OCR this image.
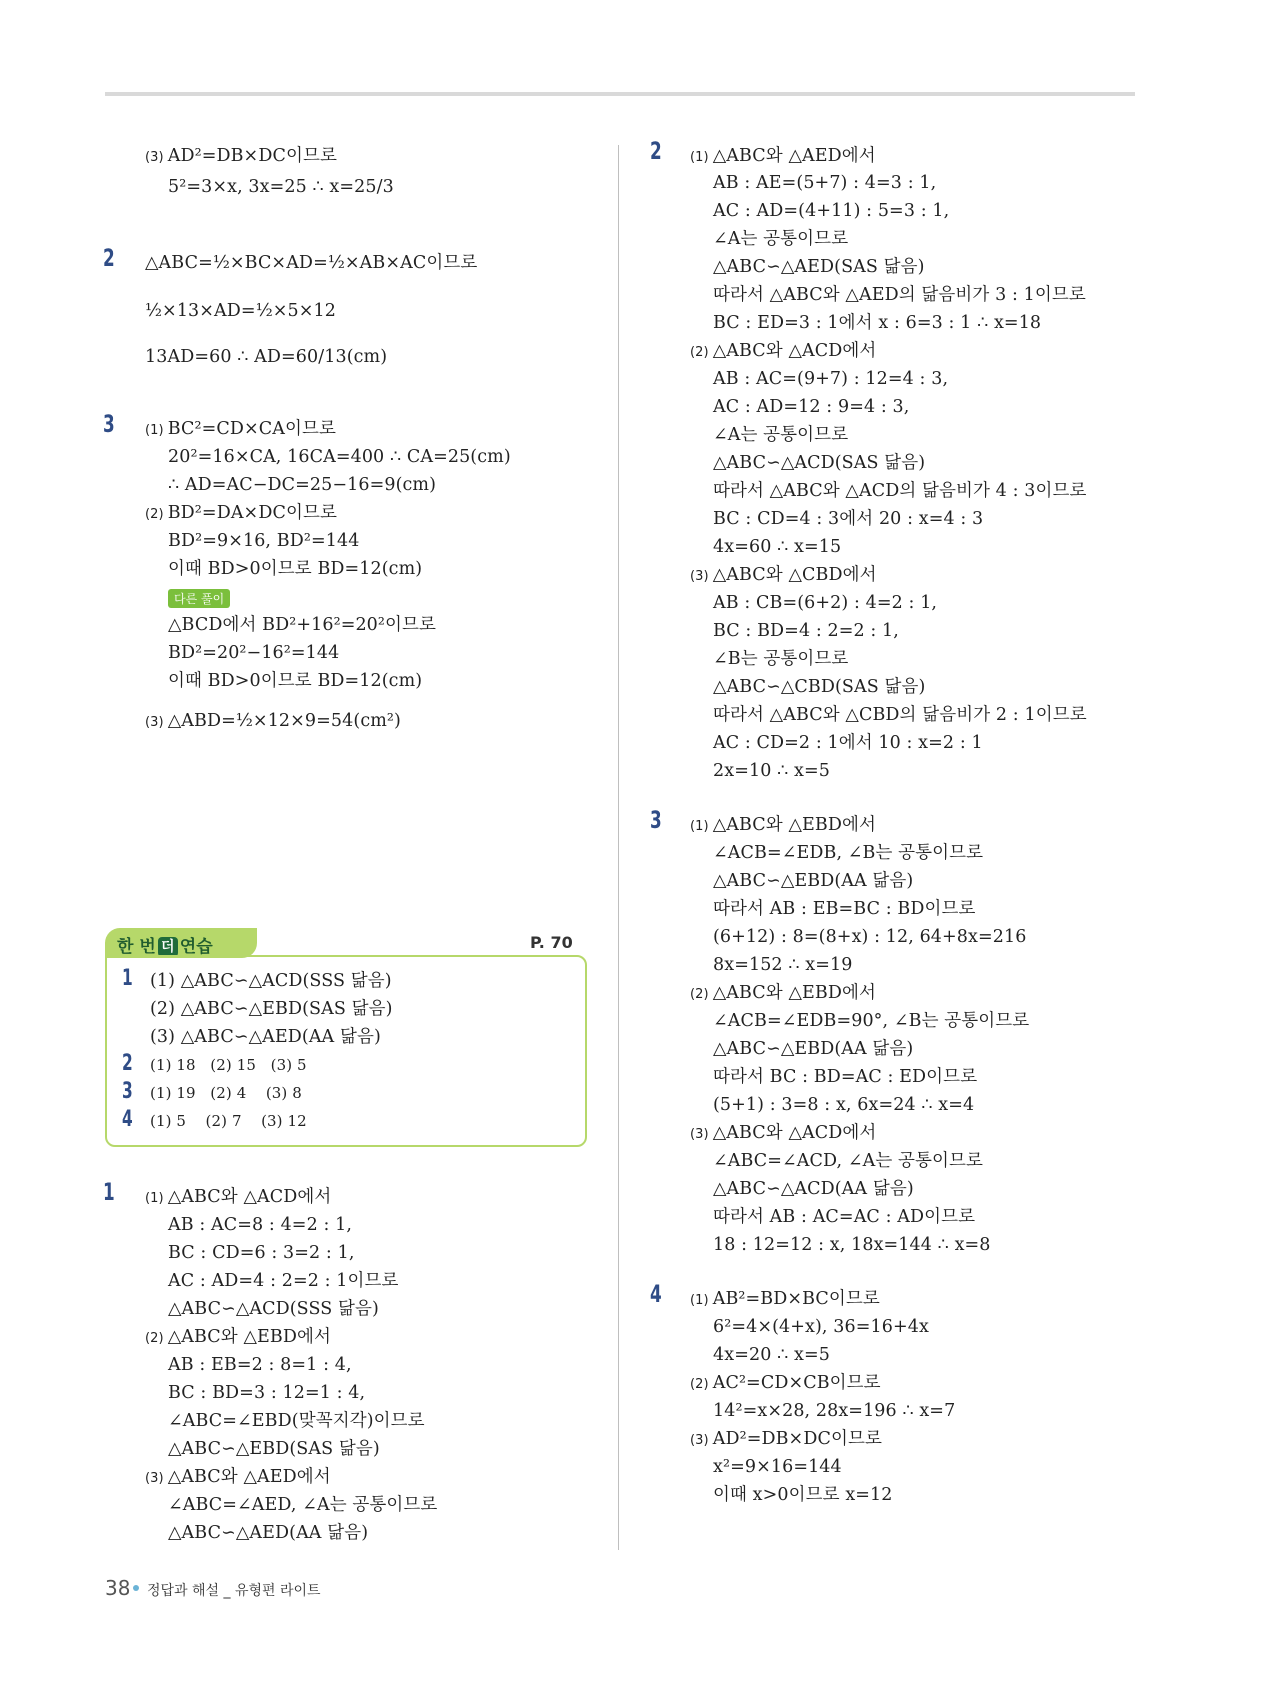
(3) AD²=DB×DC이므로
5²=3×x, 3x=25 ∴ x=25/3
2 △ABC=½×BC×AD=½×AB×AC이므로
½×13×AD=½×5×12
13AD=60 ∴ AD=60/13(cm)
3 (1) BC²=CD×CA이므로
20²=16×CA, 16CA=400 ∴ CA=25(cm)
∴ AD=AC−DC=25−16=9(cm)
(2) BD²=DA×DC이므로
BD²=9×16, BD²=144
이때 BD>0이므로 BD=12(cm)
다른 풀이
△BCD에서 BD²+16²=20²이므로
BD²=20²−16²=144
이때 BD>0이므로 BD=12(cm)
(3) △ABD=½×12×9=54(cm²)
한 번 더 연습	P. 70
1 (1) △ABC∽△ACD(SSS 닮음)
(2) △ABC∽△EBD(SAS 닮음)
(3) △ABC∽△AED(AA 닮음)
2 (1) 18   (2) 15   (3) 5
3 (1) 19   (2) 4    (3) 8
4 (1) 5    (2) 7    (3) 12
1 (1) △ABC와 △ACD에서
AB : AC=8 : 4=2 : 1,
BC : CD=6 : 3=2 : 1,
AC : AD=4 : 2=2 : 1이므로
△ABC∽△ACD(SSS 닮음)
(2) △ABC와 △EBD에서
AB : EB=2 : 8=1 : 4,
BC : BD=3 : 12=1 : 4,
∠ABC=∠EBD(맞꼭지각)이므로
△ABC∽△EBD(SAS 닮음)
(3) △ABC와 △AED에서
∠ABC=∠AED, ∠A는 공통이므로
△ABC∽△AED(AA 닮음)
(1) △ABC와 △AED에서
AB : AE=(5+7) : 4=3 : 1,
AC : AD=(4+11) : 5=3 : 1,
∠A는 공통이므로
△ABC∽△AED(SAS 닮음)
따라서 △ABC와 △AED의 닮음비가 3 : 1이므로
BC : ED=3 : 1에서 x : 6=3 : 1 ∴ x=18
(2) △ABC와 △ACD에서
AB : AC=(9+7) : 12=4 : 3,
AC : AD=12 : 9=4 : 3,
∠A는 공통이므로
△ABC∽△ACD(SAS 닮음)
따라서 △ABC와 △ACD의 닮음비가 4 : 3이므로
BC : CD=4 : 3에서 20 : x=4 : 3
4x=60 ∴ x=15
(3) △ABC와 △CBD에서
AB : CB=(6+2) : 4=2 : 1,
BC : BD=4 : 2=2 : 1,
∠B는 공통이므로
△ABC∽△CBD(SAS 닮음)
따라서 △ABC와 △CBD의 닮음비가 2 : 1이므로
AC : CD=2 : 1에서 10 : x=2 : 1
2x=10 ∴ x=5
(1) △ABC와 △EBD에서
∠ACB=∠EDB, ∠B는 공통이므로
△ABC∽△EBD(AA 닮음)
따라서 AB : EB=BC : BD이므로
(6+12) : 8=(8+x) : 12, 64+8x=216
8x=152 ∴ x=19
(2) △ABC와 △EBD에서
∠ACB=∠EDB=90°, ∠B는 공통이므로
△ABC∽△EBD(AA 닮음)
따라서 BC : BD=AC : ED이므로
(5+1) : 3=8 : x, 6x=24 ∴ x=4
(3) △ABC와 △ACD에서
∠ABC=∠ACD, ∠A는 공통이므로
△ABC∽△ACD(AA 닮음)
따라서 AB : AC=AC : AD이므로
18 : 12=12 : x, 18x=144 ∴ x=8
(1) AB²=BD×BC이므로
6²=4×(4+x), 36=16+4x
4x=20 ∴ x=5
(2) AC²=CD×CB이므로
14²=x×28, 28x=196 ∴ x=7
(3) AD²=DB×DC이므로
x²=9×16=144
이때 x>0이므로 x=12
2
3
4
38 정답과 해설 _ 유형편 라이트
